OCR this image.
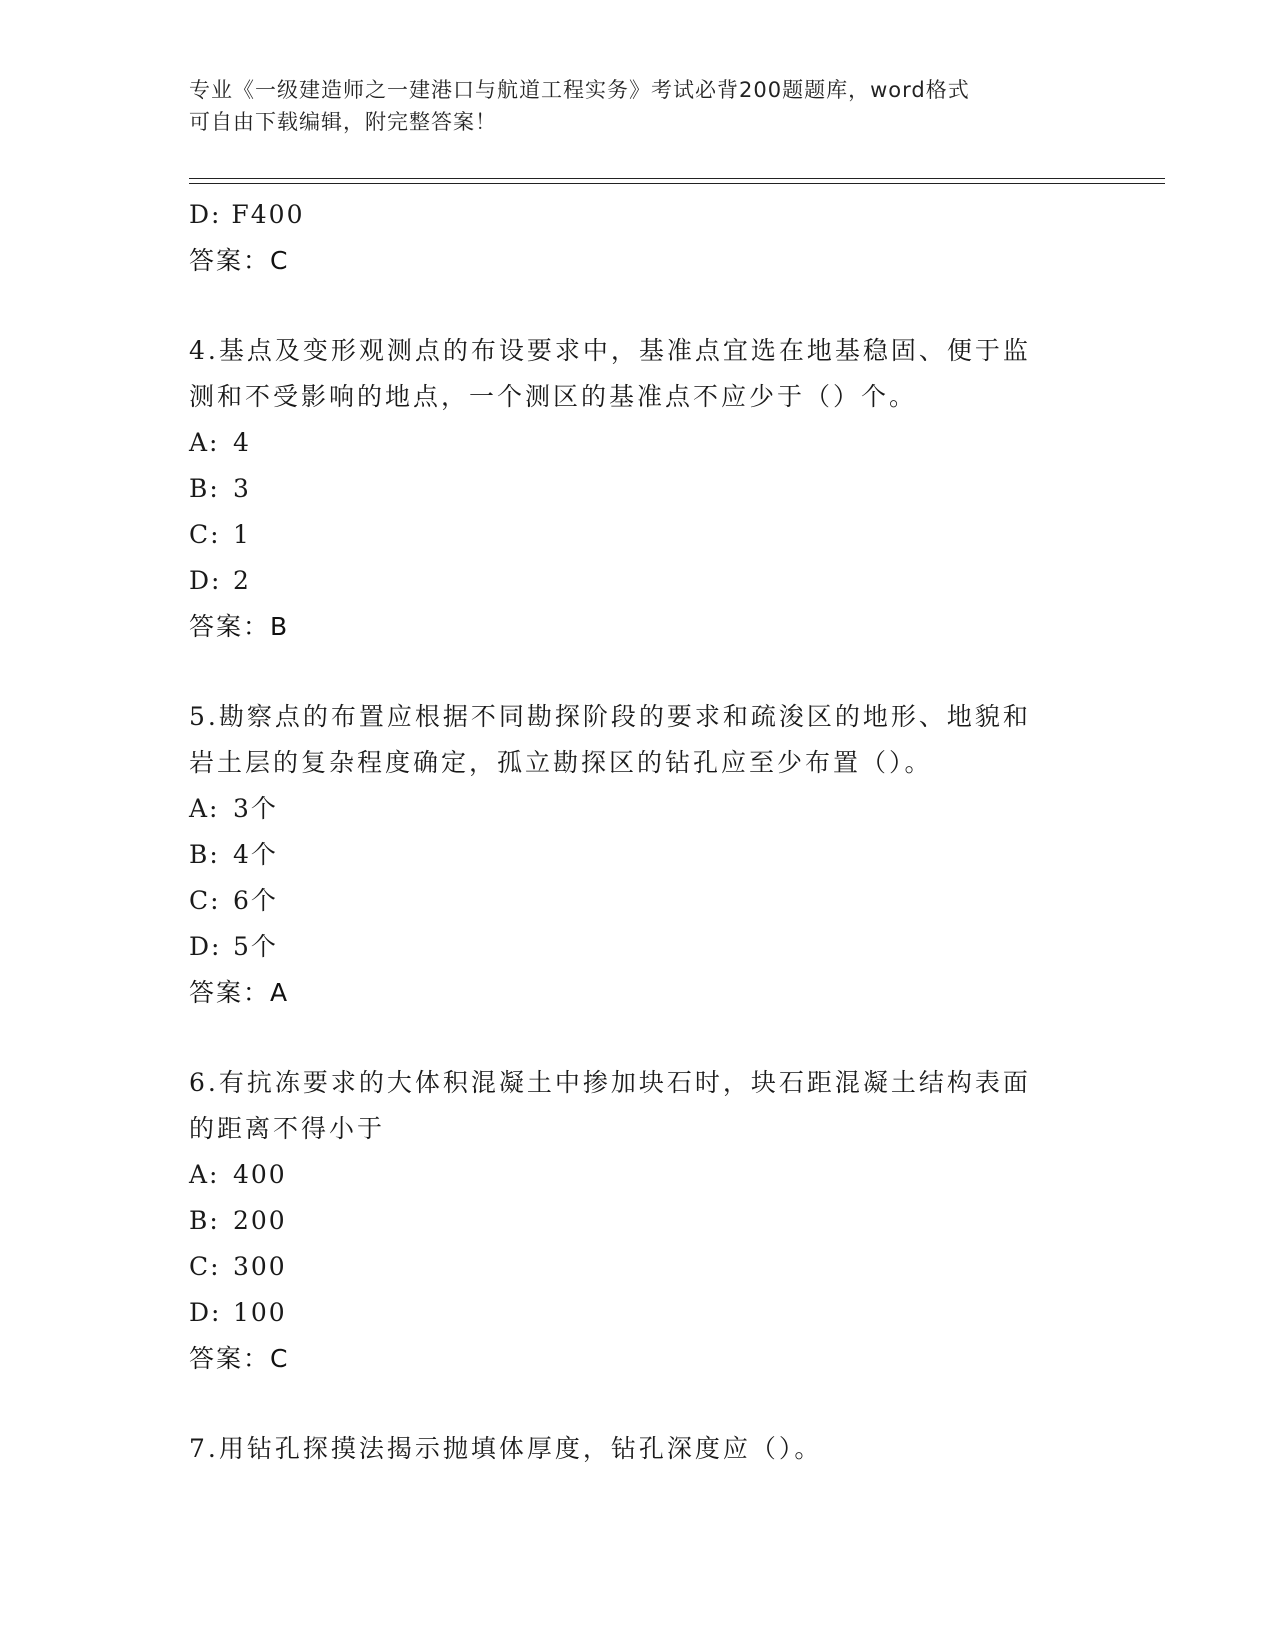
专业《一级建造师之一建港口与航道工程实务》考试必背200题题库，word格式
可自由下载编辑，附完整答案！
D: F400
答案：C
4.基点及变形观测点的布设要求中，基准点宜选在地基稳固、便于监
测和不受影响的地点，一个测区的基准点不应少于（）个。
A: 4
B: 3
C: 1
D: 2
答案：B
5.勘察点的布置应根据不同勘探阶段的要求和疏浚区的地形、地貌和
岩土层的复杂程度确定，孤立勘探区的钻孔应至少布置（）。
A: 3个
B: 4个
C: 6个
D: 5个
答案：A
6.有抗冻要求的大体积混凝土中掺加块石时，块石距混凝土结构表面
的距离不得小于
A: 400
B: 200
C: 300
D: 100
答案：C
7.用钻孔探摸法揭示抛填体厚度，钻孔深度应（）。
